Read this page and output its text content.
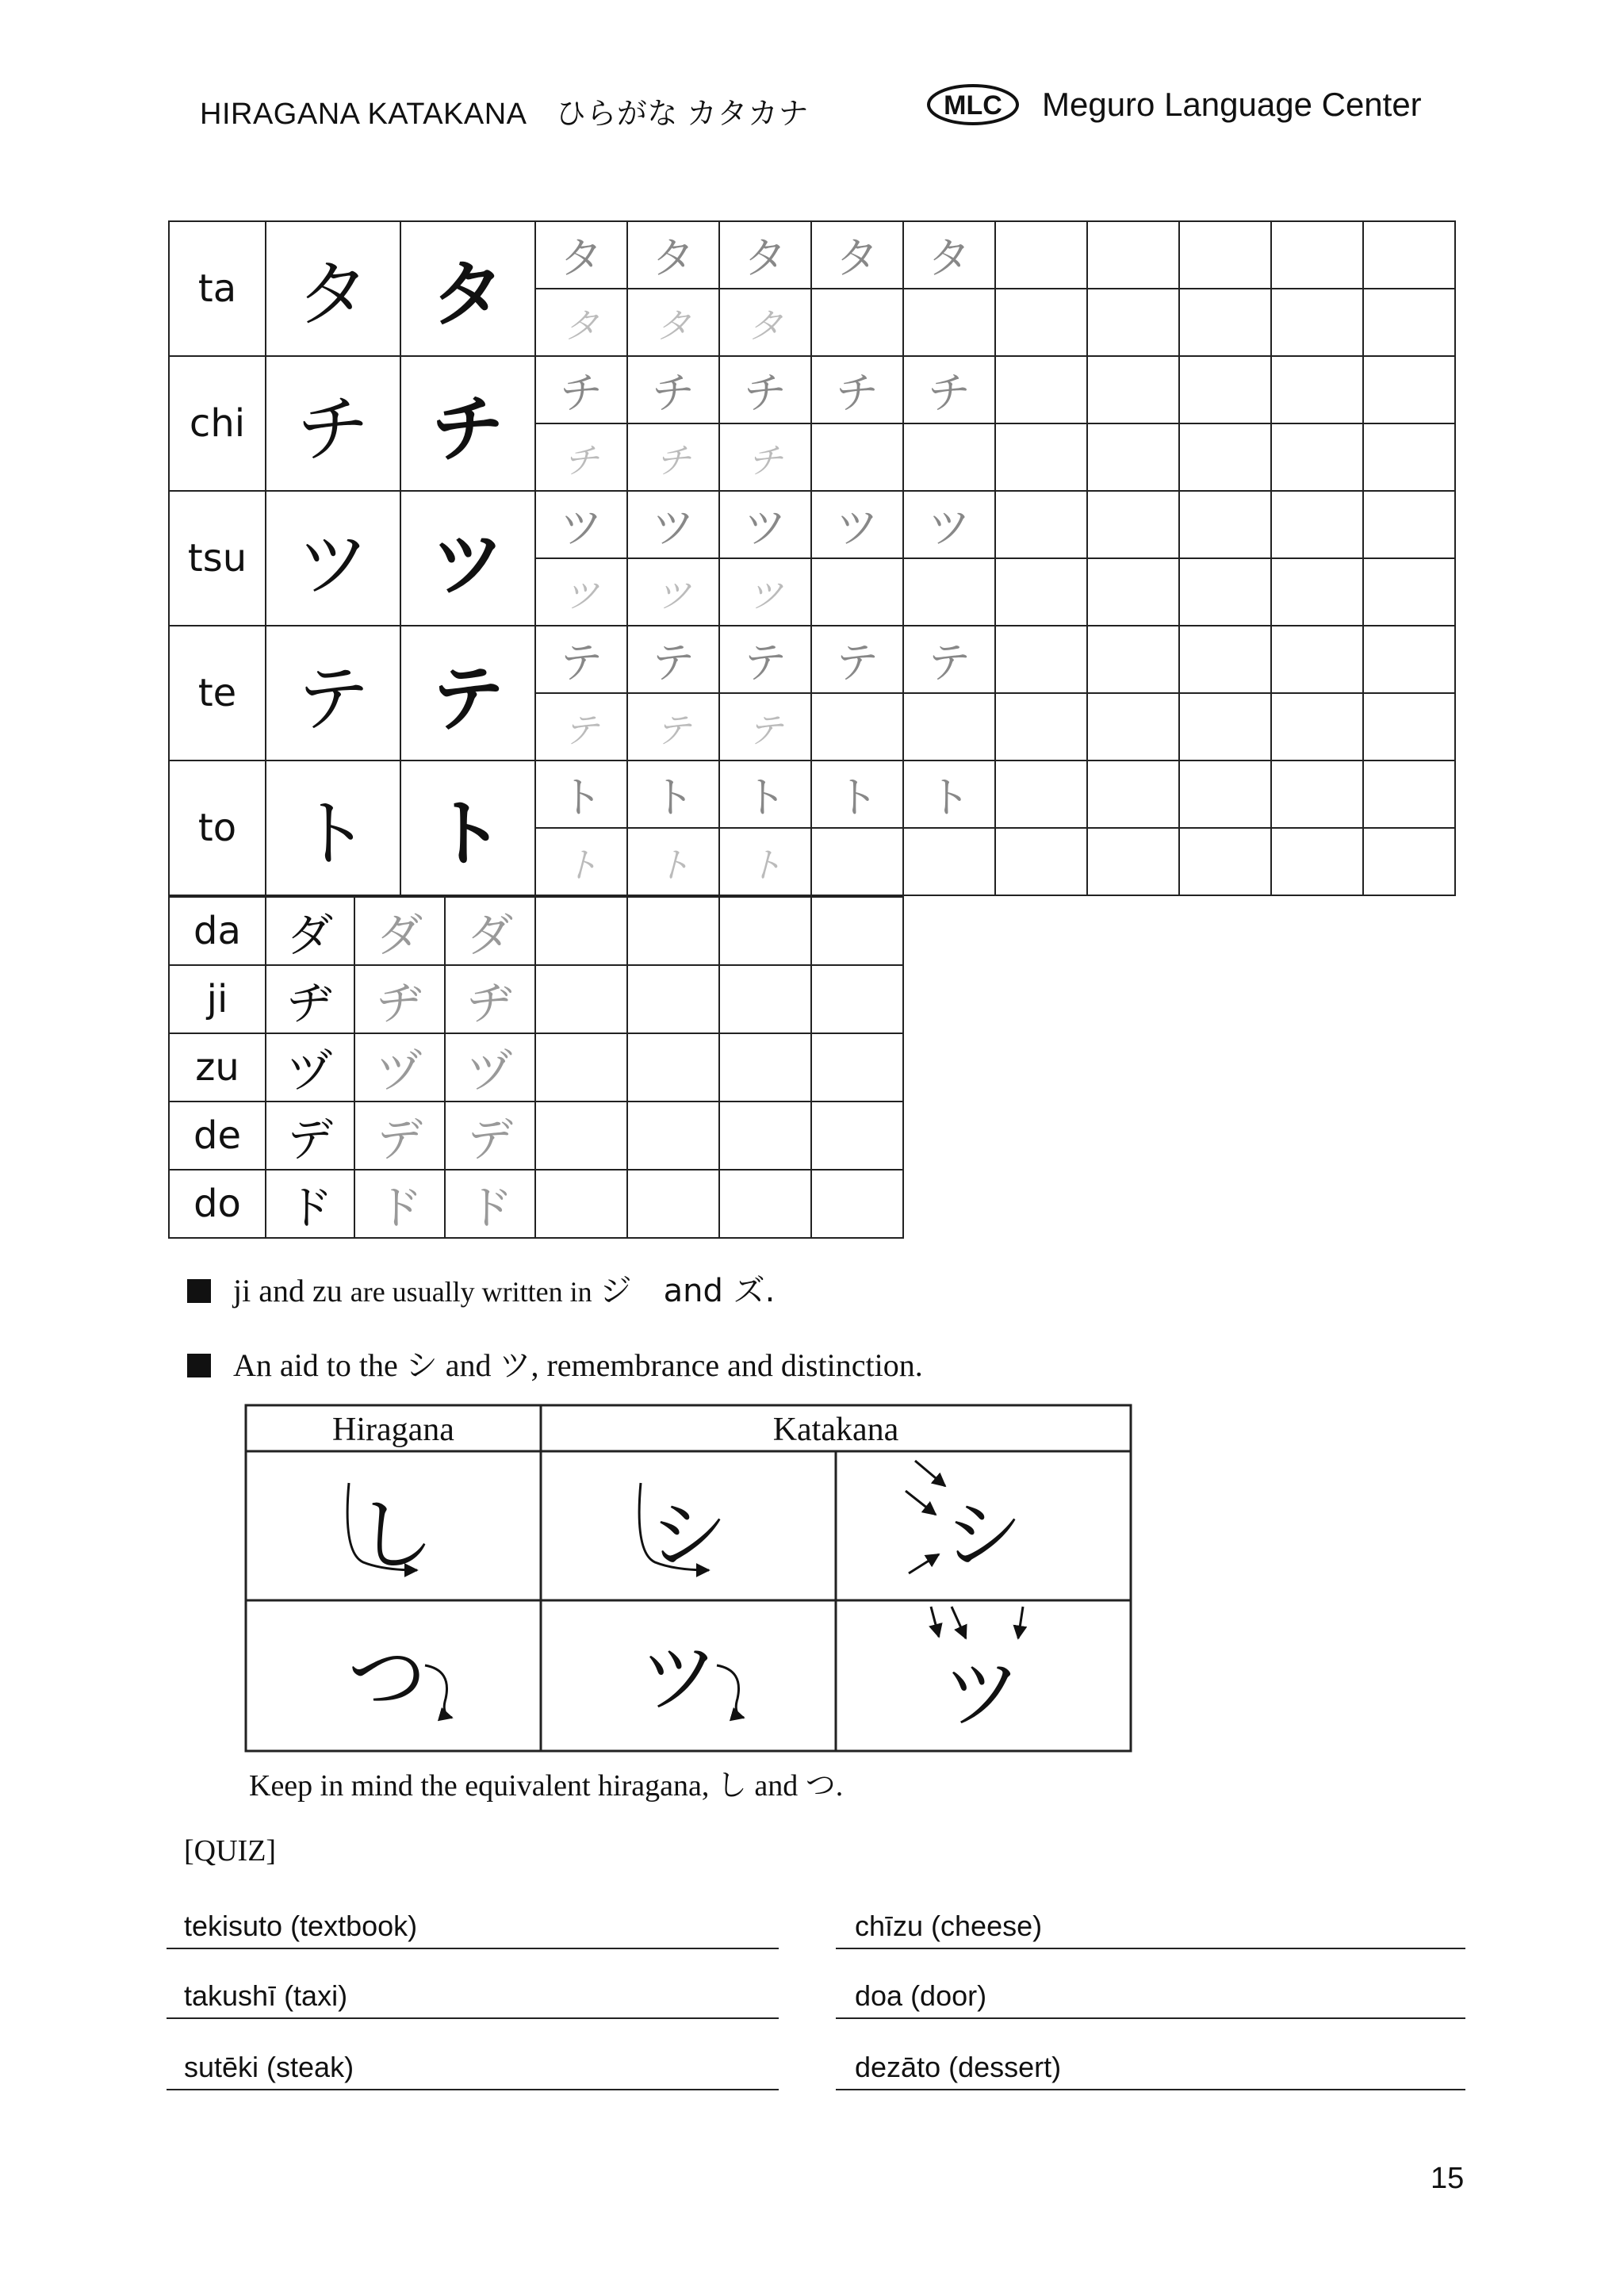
HIRAGANA KATAKANA　ひらがな カタカナ	MLC Meguro Language Center
ta	タ	タ	タ	タ	タ	タ	タ					
			タ	タ	タ							
chi	チ	チ	チ	チ	チ	チ	チ					
			チ	チ	チ							
tsu	ツ	ツ	ツ	ツ	ツ	ツ	ツ					
			ツ	ツ	ツ							
te	テ	テ	テ	テ	テ	テ	テ					
			テ	テ	テ							
to	ト	ト	ト	ト	ト	ト	ト					
			ト	ト	ト							
da	ダ	ダ	ダ				
ji	ヂ	ヂ	ヂ				
zu	ヅ	ヅ	ヅ				
de	デ	デ	デ				
do	ド	ド	ド				
ji and zu are usually written in ジ　and ズ.
An aid to the シ and ツ, remembrance and distinction.
Hiragana	Katakana
し	シ	シ
つ	ツ	ツ
Keep in mind the equivalent hiragana, し and つ.
[QUIZ]
tekisuto (textbook)
takushī (taxi)
sutēki (steak)
chīzu (cheese)
doa (door)
dezāto (dessert)
15
